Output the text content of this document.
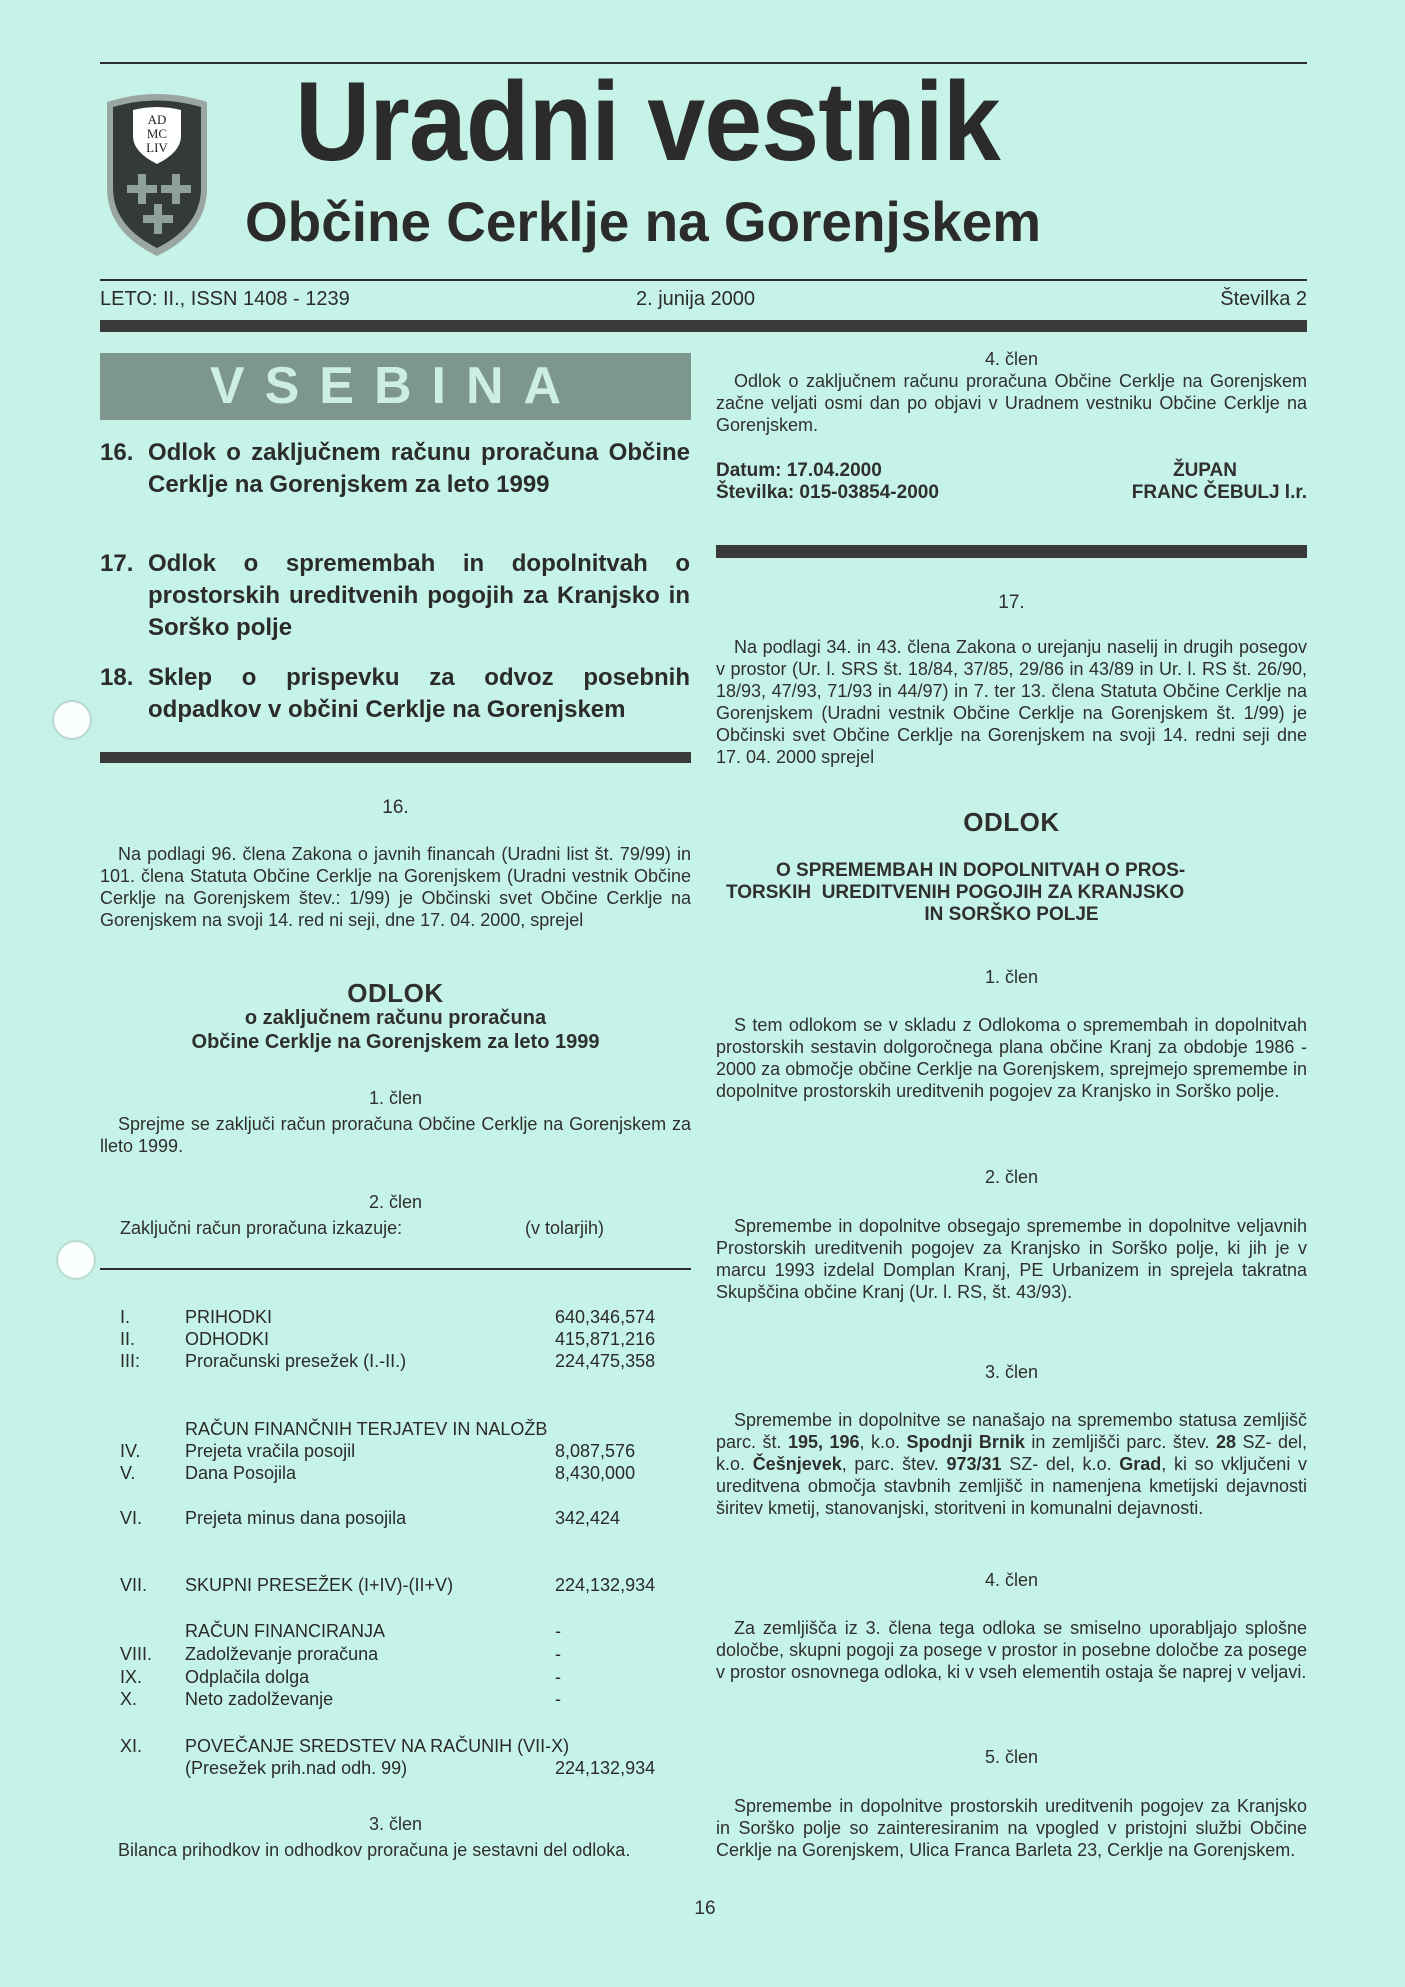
AD
MC
LIV Uradni vestnik
Občine Cerklje na Gorenjskem
LETO: II., ISSN 1408 - 1239	2. junija 2000	Številka 2
VSEBINA
16. Odlok o zaključnem računu proračuna Občine Cerklje na Gorenjskem za leto 1999
17. Odlok o spremembah in dopolnitvah o prostorskih ureditvenih pogojih za Kranjsko in Sorško polje
18. Sklep o prispevku za odvoz posebnih odpadkov v občini Cerklje na Gorenjskem
16.
Na podlagi 96. člena Zakona o javnih financah (Uradni list št. 79/99) in 101. člena Statuta Občine Cerklje na Gorenjskem (Uradni vestnik Občine Cerklje na Gorenjskem štev.: 1/99) je Občinski svet Občine Cerklje na Gorenjskem na svoji 14. red ni seji, dne 17. 04. 2000, sprejel
ODLOK
o zaključnem računu proračuna
Občine Cerklje na Gorenjskem za leto 1999
1. člen
Sprejme se zaključi račun proračuna Občine Cerklje na Gorenjskem za lleto 1999.
2. člen
Zaključni račun proračuna izkazuje:	(v tolarjih)
I.	PRIHODKI	640,346,574
II.	ODHODKI	415,871,216
III: Proračunski presežek (I.-II.)	224,475,358
RAČUN FINANČNIH TERJATEV IN NALOŽB
IV. Prejeta vračila posojil	8,087,576
V.	Dana Posojila	8,430,000
VI. Prejeta minus dana posojila	342,424
VII. SKUPNI PRESEŽEK (I+IV)-(II+V)	224,132,934
RAČUN FINANCIRANJA	-
VIII. Zadolževanje proračuna	-
IX. Odplačila dolga	-
X.	Neto zadolževanje	-
XI. POVEČANJE SREDSTEV NA RAČUNIH (VII-X)
(Presežek prih.nad odh. 99)	224,132,934
3. člen
Bilanca prihodkov in odhodkov proračuna je sestavni del odloka.
4. člen
Odlok o zaključnem računu proračuna Občine Cerklje na Gorenjskem začne veljati osmi dan po objavi v Uradnem vestniku Občine Cerklje na Gorenjskem.
Datum: 17.04.2000
Številka: 015-03854-2000
ŽUPAN
FRANC ČEBULJ l.r.
17.
Na podlagi 34. in 43. člena Zakona o urejanju naselij in drugih posegov v prostor (Ur. l. SRS št. 18/84, 37/85, 29/86 in 43/89 in Ur. l. RS št. 26/90, 18/93, 47/93, 71/93 in 44/97) in 7. ter 13. člena Statuta Občine Cerklje na Gorenjskem (Uradni vestnik Občine Cerklje na Gorenjskem št. 1/99) je Občinski svet Občine Cerklje na Gorenjskem na svoji 14. redni seji dne 17. 04. 2000 sprejel
ODLOK
O SPREMEMBAH IN DOPOLNITVAH O PROS-
TORSKIH  UREDITVENIH POGOJIH ZA KRANJSKO
IN SORŠKO POLJE
1. člen
S tem odlokom se v skladu z Odlokoma o spremembah in dopolnitvah prostorskih sestavin dolgoročnega plana občine Kranj za obdobje 1986 - 2000 za območje občine Cerklje na Gorenjskem, sprejmejo spremembe in dopolnitve prostorskih ureditvenih pogojev za Kranjsko in Sorško polje.
2. člen
Spremembe in dopolnitve obsegajo spremembe in dopolnitve veljavnih Prostorskih ureditvenih pogojev za Kranjsko in Sorško polje, ki jih je v marcu 1993 izdelal Domplan Kranj, PE Urbanizem in sprejela takratna Skupščina občine Kranj (Ur. l. RS, št. 43/93).
3. člen
Spremembe in dopolnitve se nanašajo na spremembo statusa zemljišč parc. št. 195, 196, k.o. Spodnji Brnik in zemljišči parc. štev. 28 SZ- del, k.o. Češnjevek, parc. štev. 973/31 SZ- del, k.o. Grad, ki so vključeni v ureditvena območja stavbnih zemljišč in namenjena kmetijski dejavnosti širitev kmetij, stanovanjski, storitveni in komunalni dejavnosti.
4. člen
Za zemljišča iz 3. člena tega odloka se smiselno uporabljajo splošne določbe, skupni pogoji za posege v prostor in posebne določbe za posege v prostor osnovnega odloka, ki v vseh elementih ostaja še naprej v veljavi.
5. člen
Spremembe in dopolnitve prostorskih ureditvenih pogojev za Kranjsko in Sorško polje so zainteresiranim na vpogled v pristojni službi Občine Cerklje na Gorenjskem, Ulica Franca Barleta 23, Cerklje na Gorenjskem.
16
